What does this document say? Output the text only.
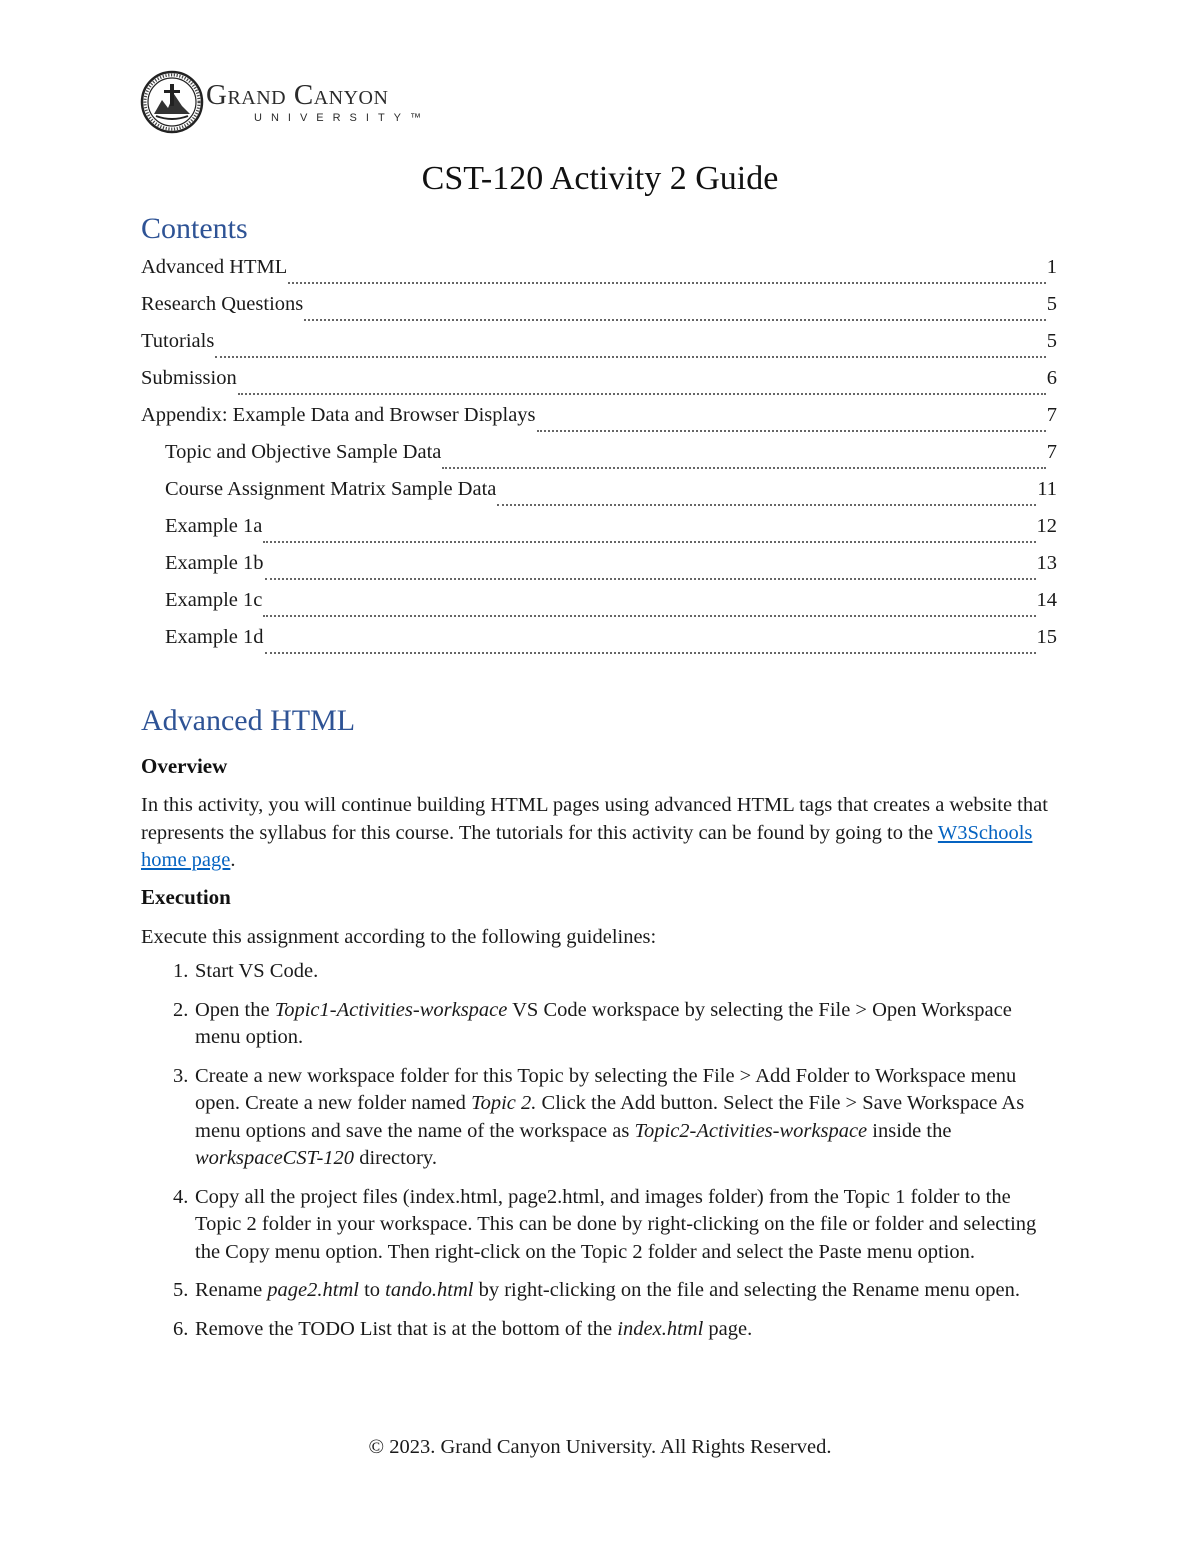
Grand Canyon
UNIVERSITY™
CST-120 Activity 2 Guide
Contents
Advanced HTML	1
Research Questions	5
Tutorials	5
Submission	6
Appendix: Example Data and Browser Displays	7
Topic and Objective Sample Data	7
Course Assignment Matrix Sample Data	11
Example 1a	12
Example 1b	13
Example 1c	14
Example 1d	15
Advanced HTML
Overview
In this activity, you will continue building HTML pages using advanced HTML tags that creates a website that represents the syllabus for this course. The tutorials for this activity can be found by going to the W3Schools home page.
Execution
Execute this assignment according to the following guidelines:
1. Start VS Code.
2. Open the Topic1-Activities-workspace VS Code workspace by selecting the File > Open Workspace menu option.
3. Create a new workspace folder for this Topic by selecting the File > Add Folder to Workspace menu open. Create a new folder named Topic 2. Click the Add button. Select the File > Save Workspace As menu options and save the name of the workspace as Topic2-Activities-workspace inside the workspaceCST-120 directory.
4. Copy all the project files (index.html, page2.html, and images folder) from the Topic 1 folder to the Topic 2 folder in your workspace. This can be done by right-clicking on the file or folder and selecting the Copy menu option. Then right-click on the Topic 2 folder and select the Paste menu option.
5. Rename page2.html to tando.html by right-clicking on the file and selecting the Rename menu open.
6. Remove the TODO List that is at the bottom of the index.html page.
© 2023. Grand Canyon University. All Rights Reserved.
